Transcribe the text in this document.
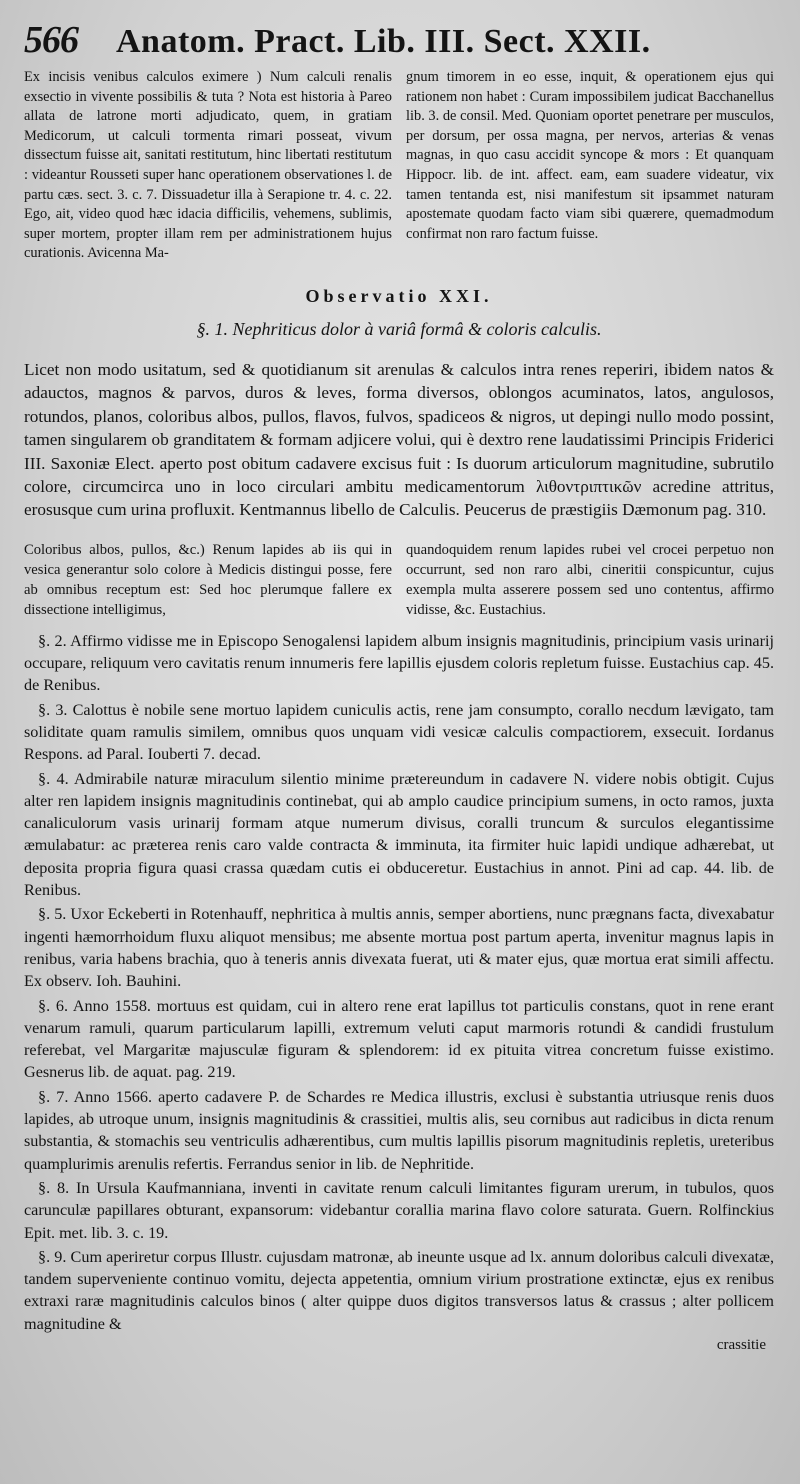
566 Anatom. Pract. Lib. III. Sect. XXII.

Ex incisis venibus calculos eximere ) Num calculi renalis exsectio in vivente possibilis & tuta ? Nota est historia à Pareo allata de latrone morti adjudicato, quem, in gratiam Medicorum, ut calculi tormenta rimari posseat, vivum dissectum fuisse ait, sanitati restitutum, hinc libertati restitutum : videantur Rousseti super hanc operationem observationes l. de partu cæs. sect. 3. c. 7. Dissuadetur illa à Serapione tr. 4. c. 22. Ego, ait, video quod hæc idacia difficilis, vehemens, sublimis, super mortem, propter illam rem per administrationem hujus curationis. Avicenna Ma-

gnum timorem in eo esse, inquit, & operationem ejus qui rationem non habet : Curam impossibilem judicat Bacchanellus lib. 3. de consil. Med. Quoniam oportet penetrare per musculos, per dorsum, per ossa magna, per nervos, arterias & venas magnas, in quo casu accidit syncope & mors : Et quanquam Hippocr. lib. de int. affect. eam, eam suadere videatur, vix tamen tentanda est, nisi manifestum sit ipsammet naturam apostemate quodam facto viam sibi quærere, quemadmodum confirmat non raro factum fuisse.

Observatio XXI.
§. 1. Nephriticus dolor à variâ formâ & coloris calculis.

Licet non modo usitatum, sed & quotidianum sit arenulas & calculos intra renes reperiri, ibidem natos & adauctos, magnos & parvos, duros & leves, forma diversos, oblongos acuminatos, latos, angulosos, rotundos, planos, coloribus albos, pullos, flavos, fulvos, spadiceos & nigros, ut depingi nullo modo possint, tamen singularem ob granditatem & formam adjicere volui, qui è dextro rene laudatissimi Principis Friderici III. Saxoniæ Elect. aperto post obitum cadavere excisus fuit : Is duorum articulorum magnitudine, subrutilo colore, circumcirca uno in loco circulari ambitu medicamentorum λιθοντριπτικῶν acredine attritus, erosusque cum urina profluxit. Kentmannus libello de Calculis. Peucerus de præstigiis Dæmonum pag. 310.

Coloribus albos, pullos, &c.) Renum lapides ab iis qui in vesica generantur solo colore à Medicis distingui posse, fere ab omnibus receptum est: Sed hoc plerumque fallere ex dissectione intelligimus,

quandoquidem renum lapides rubei vel crocei perpetuo non occurrunt, sed non raro albi, cineritii conspicuntur, cujus exempla multa asserere possem sed uno contentus, affirmo vidisse, &c. Eustachius.

§. 2. Affirmo vidisse me in Episcopo Senogalensi lapidem album insignis magnitudinis, principium vasis urinarij occupare, reliquum vero cavitatis renum innumeris fere lapillis ejusdem coloris repletum fuisse. Eustachius cap. 45. de Renibus.

§. 3. Calottus è nobile sene mortuo lapidem cuniculis actis, rene jam consumpto, corallo necdum lævigato, tam soliditate quam ramulis similem, omnibus quos unquam vidi vesicæ calculis compactiorem, exsecuit. Iordanus Respons. ad Paral. Iouberti 7. decad.

§. 4. Admirabile naturæ miraculum silentio minime prætereundum in cadavere N. videre nobis obtigit. Cujus alter ren lapidem insignis magnitudinis continebat, qui ab amplo caudice principium sumens, in octo ramos, juxta canaliculorum vasis urinarij formam atque numerum divisus, coralli truncum & surculos elegantissime æmulabatur: ac præterea renis caro valde contracta & imminuta, ita firmiter huic lapidi undique adhærebat, ut deposita propria figura quasi crassa quædam cutis ei obduceretur. Eustachius in annot. Pini ad cap. 44. lib. de Renibus.

§. 5. Uxor Eckeberti in Rotenhauff, nephritica à multis annis, semper abortiens, nunc prægnans facta, divexabatur ingenti hæmorrhoidum fluxu aliquot mensibus; me absente mortua post partum aperta, invenitur magnus lapis in renibus, varia habens brachia, quo à teneris annis divexata fuerat, uti & mater ejus, quæ mortua erat simili affectu. Ex observ. Ioh. Bauhini.

§. 6. Anno 1558. mortuus est quidam, cui in altero rene erat lapillus tot particulis constans, quot in rene erant venarum ramuli, quarum particularum lapilli, extremum veluti caput marmoris rotundi & candidi frustulum referebat, vel Margaritæ majusculæ figuram & splendorem: id ex pituita vitrea concretum fuisse existimo. Gesnerus lib. de aquat. pag. 219.

§. 7. Anno 1566. aperto cadavere P. de Schardes re Medica illustris, exclusi è substantia utriusque renis duos lapides, ab utroque unum, insignis magnitudinis & crassitiei, multis alis, seu cornibus aut radicibus in dicta renum substantia, & stomachis seu ventriculis adhærentibus, cum multis lapillis pisorum magnitudinis repletis, ureteribus quamplurimis arenulis refertis. Ferrandus senior in lib. de Nephritide.

§. 8. In Ursula Kaufmanniana, inventi in cavitate renum calculi limitantes figuram urerum, in tubulos, quos carunculæ papillares obturant, expansorum: videbantur corallia marina flavo colore saturata. Guern. Rolfinckius Epit. met. lib. 3. c. 19.

§. 9. Cum aperiretur corpus Illustr. cujusdam matronæ, ab ineunte usque ad lx. annum doloribus calculi divexatæ, tandem superveniente continuo vomitu, dejecta appetentia, omnium virium prostratione extinctæ, ejus ex renibus extraxi raræ magnitudinis calculos binos ( alter quippe duos digitos transversos latus & crassus ; alter pollicem magnitudine &

crassitie
